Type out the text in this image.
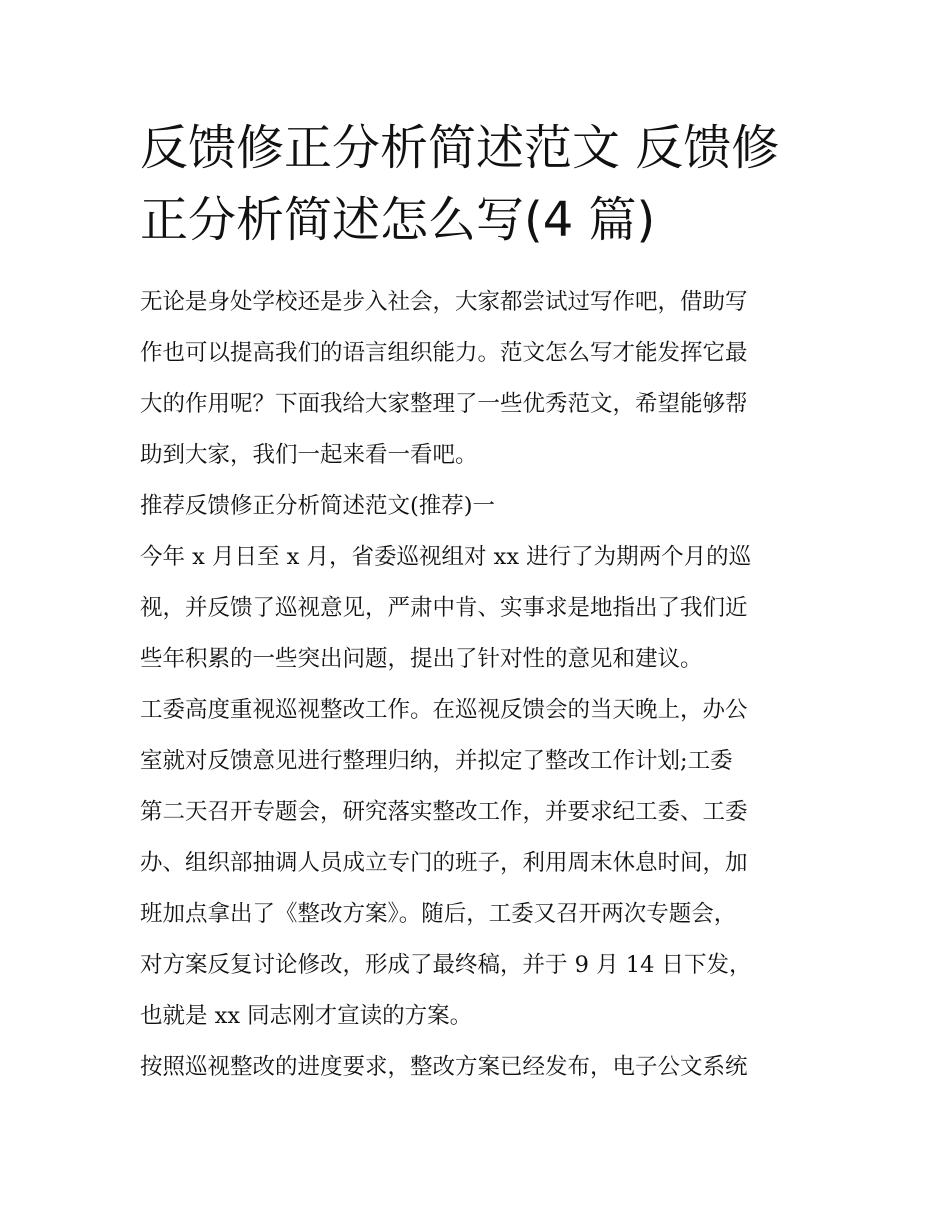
反馈修正分析简述范文 反馈修
正分析简述怎么写(4 篇)
无论是身处学校还是步入社会，大家都尝试过写作吧，借助写
作也可以提高我们的语言组织能力。范文怎么写才能发挥它最
大的作用呢？下面我给大家整理了一些优秀范文，希望能够帮
助到大家，我们一起来看一看吧。
推荐反馈修正分析简述范文(推荐)一
今年 x 月日至 x 月，省委巡视组对 xx 进行了为期两个月的巡
视，并反馈了巡视意见，严肃中肯、实事求是地指出了我们近
些年积累的一些突出问题，提出了针对性的意见和建议。
工委高度重视巡视整改工作。在巡视反馈会的当天晚上，办公
室就对反馈意见进行整理归纳，并拟定了整改工作计划;工委
第二天召开专题会，研究落实整改工作，并要求纪工委、工委
办、组织部抽调人员成立专门的班子，利用周末休息时间，加
班加点拿出了《整改方案》。随后，工委又召开两次专题会，
对方案反复讨论修改，形成了最终稿，并于 9 月 14 日下发，
也就是 xx 同志刚才宣读的方案。
按照巡视整改的进度要求，整改方案已经发布，电子公文系统
